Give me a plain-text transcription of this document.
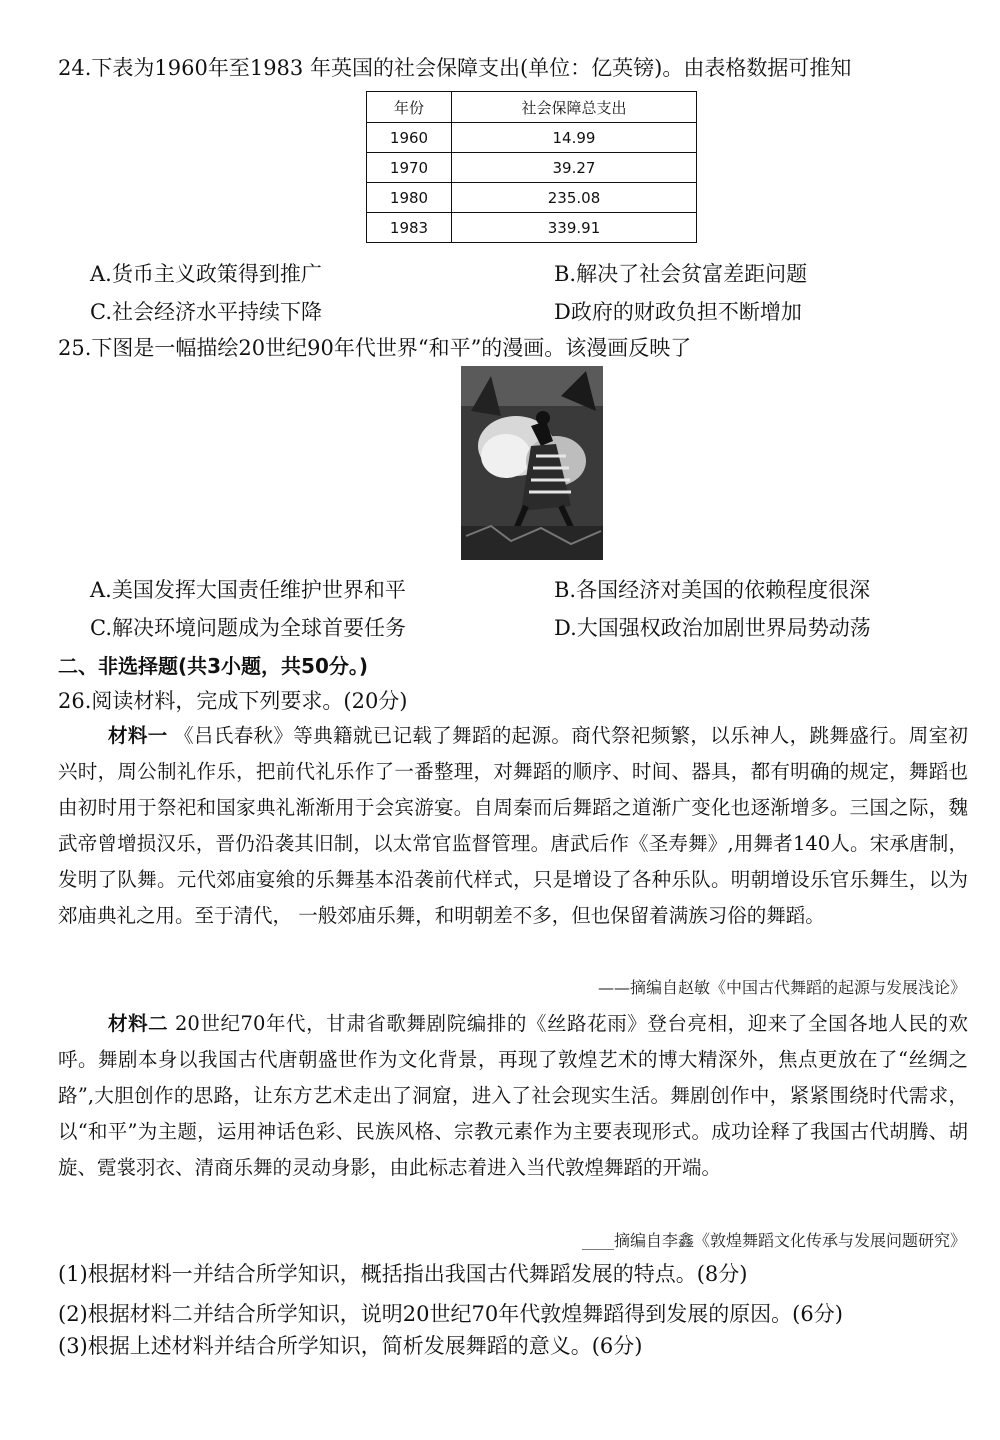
24.下表为1960年至1983 年英国的社会保障支出(单位：亿英镑)。由表格数据可推知
年份	社会保障总支出
1960	14.99
1970	39.27
1980	235.08
1983	339.91
A.货币主义政策得到推广	B.解决了社会贫富差距问题
C.社会经济水平持续下降	D政府的财政负担不断增加
25.下图是一幅描绘20世纪90年代世界“和平”的漫画。该漫画反映了
A.美国发挥大国责任维护世界和平	B.各国经济对美国的依赖程度很深
C.解决环境问题成为全球首要任务	D.大国强权政治加剧世界局势动荡
二、非选择题(共3小题，共50分。)
26.阅读材料，完成下列要求。(20分)
材料一 《吕氏春秋》等典籍就已记载了舞蹈的起源。商代祭祀频繁，以乐神人，跳舞盛行。周室初兴时，周公制礼作乐，把前代礼乐作了一番整理，对舞蹈的顺序、时间、器具，都有明确的规定，舞蹈也由初时用于祭祀和国家典礼渐渐用于会宾游宴。自周秦而后舞蹈之道渐广变化也逐渐增多。三国之际，魏武帝曾增损汉乐，晋仍沿袭其旧制，以太常官监督管理。唐武后作《圣寿舞》,用舞者140人。宋承唐制，发明了队舞。元代郊庙宴飨的乐舞基本沿袭前代样式，只是增设了各种乐队。明朝增设乐官乐舞生，以为郊庙典礼之用。至于清代， 一般郊庙乐舞，和明朝差不多，但也保留着满族习俗的舞蹈。
——摘编自赵敏《中国古代舞蹈的起源与发展浅论》
材料二 20世纪70年代，甘肃省歌舞剧院编排的《丝路花雨》登台亮相，迎来了全国各地人民的欢呼。舞剧本身以我国古代唐朝盛世作为文化背景，再现了敦煌艺术的博大精深外，焦点更放在了“丝绸之路”,大胆创作的思路，让东方艺术走出了洞窟，进入了社会现实生活。舞剧创作中，紧紧围绕时代需求，以“和平”为主题，运用神话色彩、民族风格、宗教元素作为主要表现形式。成功诠释了我国古代胡腾、胡旋、霓裳羽衣、清商乐舞的灵动身影，由此标志着进入当代敦煌舞蹈的开端。
____摘编自李鑫《敦煌舞蹈文化传承与发展问题研究》
(1)根据材料一并结合所学知识，概括指出我国古代舞蹈发展的特点。(8分)
(2)根据材料二并结合所学知识，说明20世纪70年代敦煌舞蹈得到发展的原因。(6分)
(3)根据上述材料并结合所学知识，简析发展舞蹈的意义。(6分)
